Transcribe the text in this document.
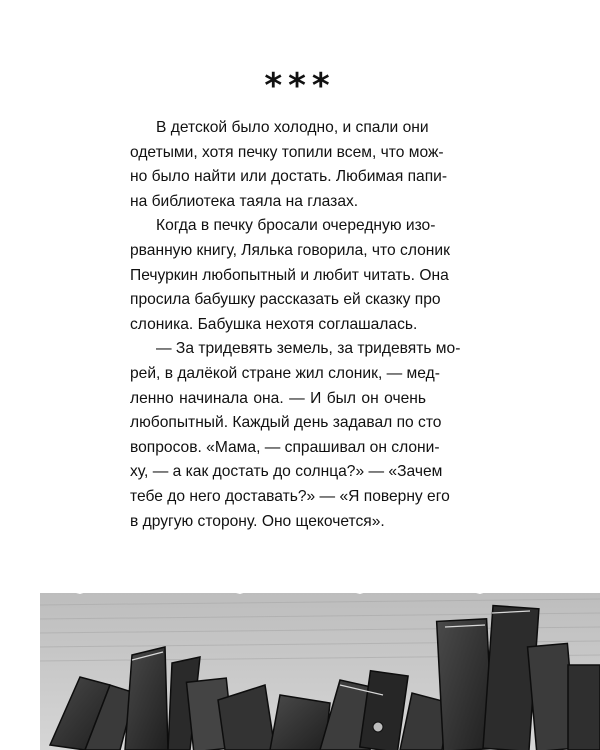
***

В детской было холодно, и спали они
одетыми, хотя печку топили всем, что мож-
но было найти или достать. Любимая папи-
на библиотека таяла на глазах.

Когда в печку бросали очередную изо-
рванную книгу, Лялька говорила, что слоник
Печуркин любопытный и любит читать. Она
просила бабушку рассказать ей сказку про
слоника. Бабушка нехотя соглашалась.

— За тридевять земель, за тридевять мо-
рей, в далёкой стране жил слоник, — мед-
ленно начинала она. — И был он очень
любопытный. Каждый день задавал по сто
вопросов. «Мама, — спрашивал он слони-
ху, — а как достать до солнца?» — «Зачем
тебе до него доставать?» — «Я поверну его
в другую сторону. Оно щекочется».
